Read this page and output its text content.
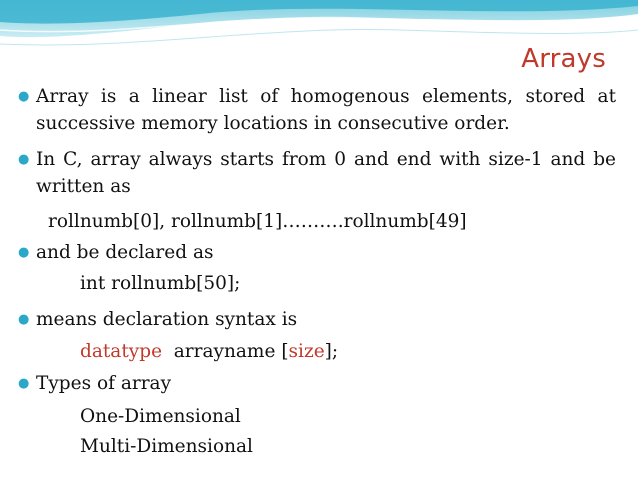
Arrays
● Array is a linear list of homogenous elements, stored at successive memory locations in consecutive order.
● In C, array always starts from 0 and end with size-1 and be written as
rollnumb[0], rollnumb[1]……….rollnumb[49]
● and be declared as
int rollnumb[50];
● means declaration syntax is
datatype arrayname [size];
● Types of array
One-Dimensional
Multi-Dimensional
